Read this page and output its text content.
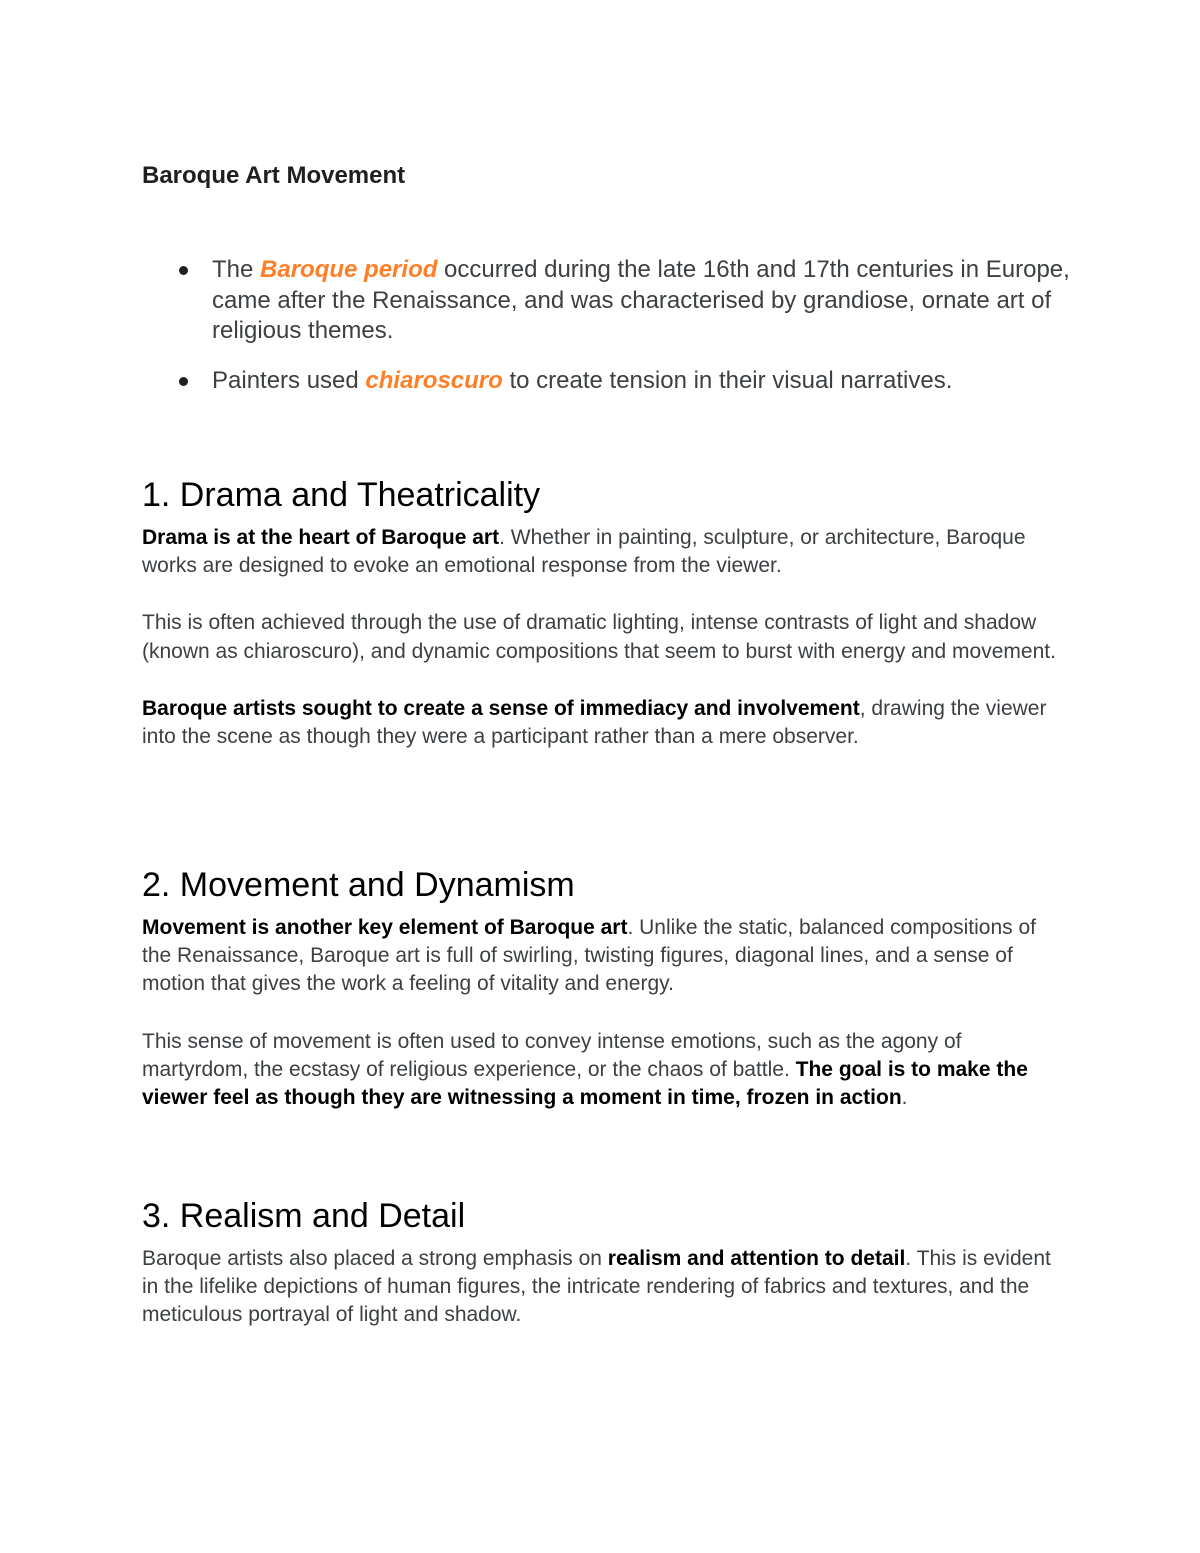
Baroque Art Movement
The Baroque period occurred during the late 16th and 17th centuries in Europe, came after the Renaissance, and was characterised by grandiose, ornate art of religious themes.
Painters used chiaroscuro to create tension in their visual narratives.
1. Drama and Theatricality

Drama is at the heart of Baroque art. Whether in painting, sculpture, or architecture, Baroque works are designed to evoke an emotional response from the viewer.

This is often achieved through the use of dramatic lighting, intense contrasts of light and shadow (known as chiaroscuro), and dynamic compositions that seem to burst with energy and movement.

Baroque artists sought to create a sense of immediacy and involvement, drawing the viewer into the scene as though they were a participant rather than a mere observer.

2. Movement and Dynamism

Movement is another key element of Baroque art. Unlike the static, balanced compositions of the Renaissance, Baroque art is full of swirling, twisting figures, diagonal lines, and a sense of motion that gives the work a feeling of vitality and energy.

This sense of movement is often used to convey intense emotions, such as the agony of martyrdom, the ecstasy of religious experience, or the chaos of battle. The goal is to make the viewer feel as though they are witnessing a moment in time, frozen in action.

3. Realism and Detail

Baroque artists also placed a strong emphasis on realism and attention to detail. This is evident in the lifelike depictions of human figures, the intricate rendering of fabrics and textures, and the meticulous portrayal of light and shadow.
